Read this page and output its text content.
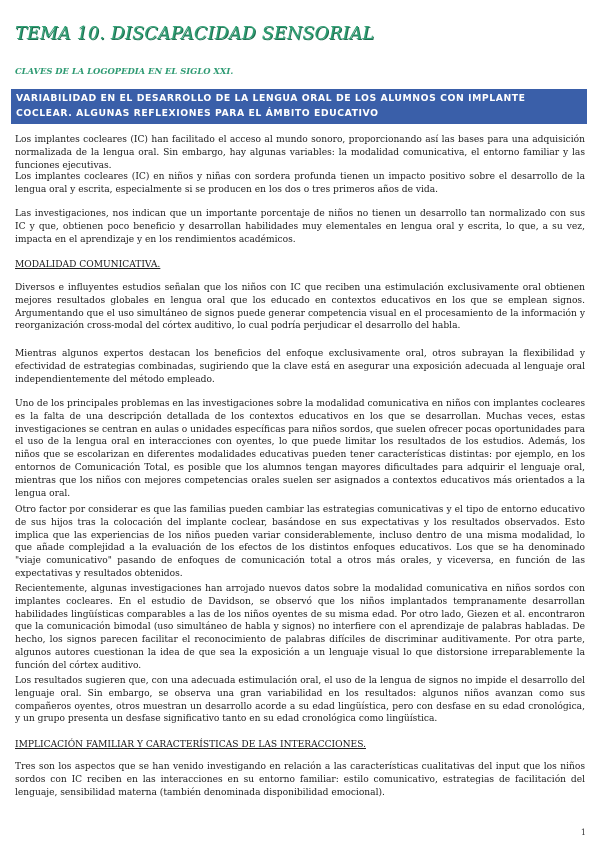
TEMA 10. DISCAPACIDAD SENSORIAL
CLAVES DE LA LOGOPEDIA EN EL SIGLO XXI.
VARIABILIDAD EN EL DESARROLLO DE LA LENGUA ORAL DE LOS ALUMNOS CON IMPLANTE
COCLEAR. ALGUNAS REFLEXIONES PARA EL ÁMBITO EDUCATIVO

Los implantes cocleares (IC) han facilitado el acceso al mundo sonoro, proporcionando así las bases para una adquisición normalizada de la lengua oral. Sin embargo, hay algunas variables: la modalidad comunicativa, el entorno familiar y las funciones ejecutivas.

Los implantes cocleares (IC) en niños y niñas con sordera profunda tienen un impacto positivo sobre el desarrollo de la lengua oral y escrita, especialmente si se producen en los dos o tres primeros años de vida.

Las investigaciones, nos indican que un importante porcentaje de niños no tienen un desarrollo tan normalizado con sus IC y que, obtienen poco beneficio y desarrollan habilidades muy elementales en lengua oral y escrita, lo que, a su vez, impacta en el aprendizaje y en los rendimientos académicos.

MODALIDAD COMUNICATIVA.

Diversos e influyentes estudios señalan que los niños con IC que reciben una estimulación exclusivamente oral obtienen mejores resultados globales en lengua oral que los educado en contextos educativos en los que se emplean signos. Argumentando que el uso simultáneo de signos puede generar competencia visual en el procesamiento de la información y reorganización cross-modal del córtex auditivo, lo cual podría perjudicar el desarrollo del habla.

Mientras algunos expertos destacan los beneficios del enfoque exclusivamente oral, otros subrayan la flexibilidad y efectividad de estrategias combinadas, sugiriendo que la clave está en asegurar una exposición adecuada al lenguaje oral independientemente del método empleado.

Uno de los principales problemas en las investigaciones sobre la modalidad comunicativa en niños con implantes cocleares es la falta de una descripción detallada de los contextos educativos en los que se desarrollan. Muchas veces, estas investigaciones se centran en aulas o unidades específicas para niños sordos, que suelen ofrecer pocas oportunidades para el uso de la lengua oral en interacciones con oyentes, lo que puede limitar los resultados de los estudios. Además, los niños que se escolarizan en diferentes modalidades educativas pueden tener características distintas: por ejemplo, en los entornos de Comunicación Total, es posible que los alumnos tengan mayores dificultades para adquirir el lenguaje oral, mientras que los niños con mejores competencias orales suelen ser asignados a contextos educativos más orientados a la lengua oral.

Otro factor por considerar es que las familias pueden cambiar las estrategias comunicativas y el tipo de entorno educativo de sus hijos tras la colocación del implante coclear, basándose en sus expectativas y los resultados observados. Esto implica que las experiencias de los niños pueden variar considerablemente, incluso dentro de una misma modalidad, lo que añade complejidad a la evaluación de los efectos de los distintos enfoques educativos. Los que se ha denominado "viaje comunicativo" pasando de enfoques de comunicación total a otros más orales, y viceversa, en función de las expectativas y resultados obtenidos.

Recientemente, algunas investigaciones han arrojado nuevos datos sobre la modalidad comunicativa en niños sordos con implantes cocleares. En el estudio de Davidson, se observó que los niños implantados tempranamente desarrollan habilidades lingüísticas comparables a las de los niños oyentes de su misma edad. Por otro lado, Giezen et al. encontraron que la comunicación bimodal (uso simultáneo de habla y signos) no interfiere con el aprendizaje de palabras habladas. De hecho, los signos parecen facilitar el reconocimiento de palabras difíciles de discriminar auditivamente. Por otra parte, algunos autores cuestionan la idea de que sea la exposición a un lenguaje visual lo que distorsione irreparablemente la función del córtex auditivo.

Los resultados sugieren que, con una adecuada estimulación oral, el uso de la lengua de signos no impide el desarrollo del lenguaje oral. Sin embargo, se observa una gran variabilidad en los resultados: algunos niños avanzan como sus compañeros oyentes, otros muestran un desarrollo acorde a su edad lingüística, pero con desfase en su edad cronológica, y un grupo presenta un desfase significativo tanto en su edad cronológica como lingüística.

IMPLICACIÓN FAMILIAR Y CARACTERÍSTICAS DE LAS INTERACCIONES.

Tres son los aspectos que se han venido investigando en relación a las características cualitativas del input que los niños sordos con IC reciben en las interacciones en su entorno familiar: estilo comunicativo, estrategias de facilitación del lenguaje, sensibilidad materna (también denominada disponibilidad emocional).

1
